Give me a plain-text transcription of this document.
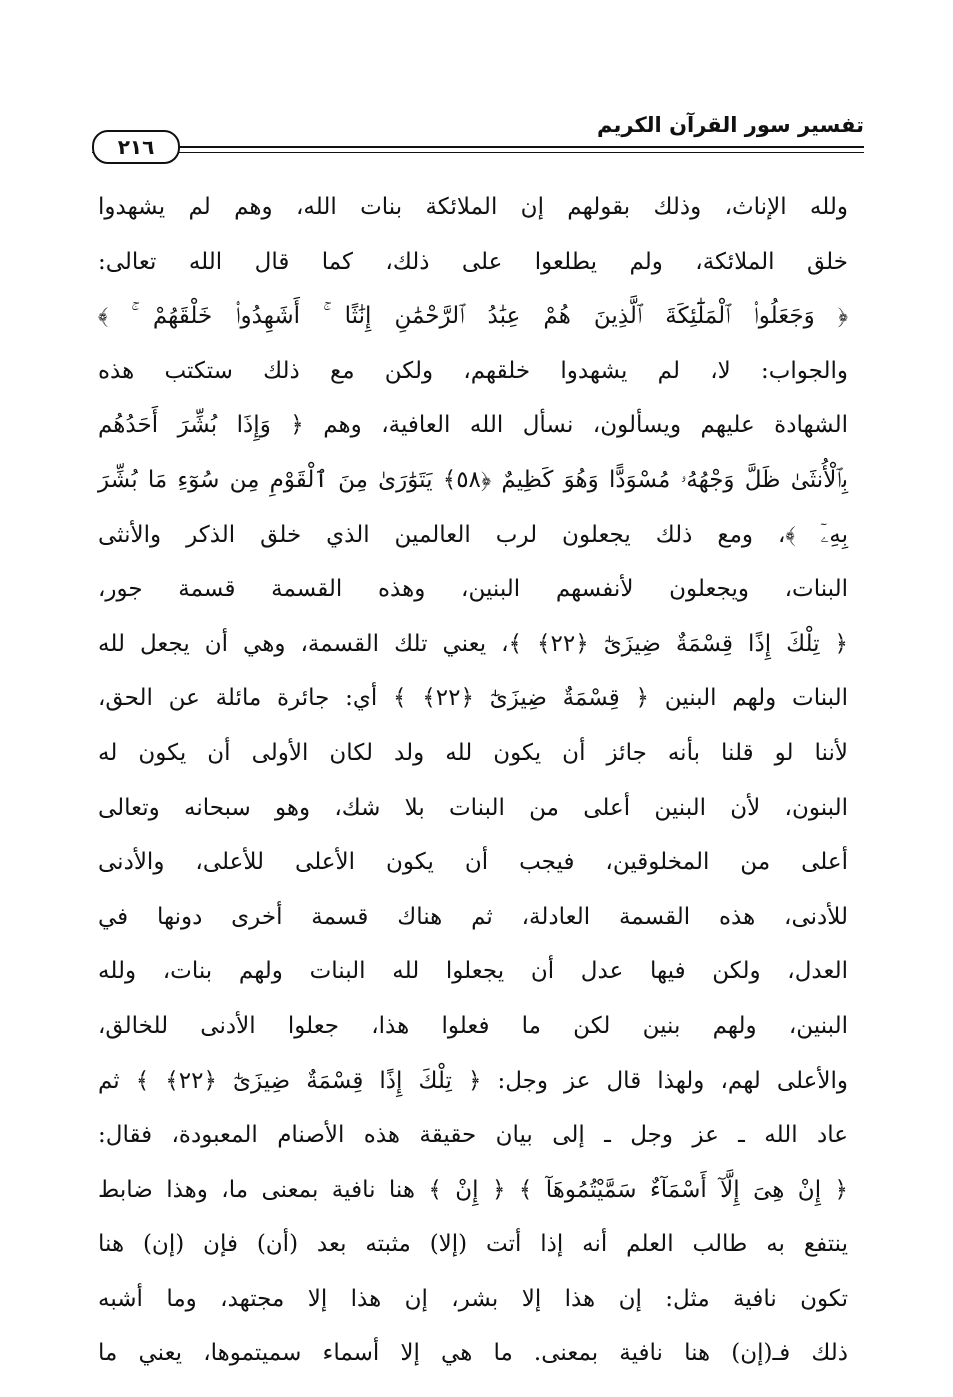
تفسير سور القرآن الكريم
٢١٦
ولله الإناث، وذلك بقولهم إن الملائكة بنات الله، وهم لم يشهدوا
خلق الملائكة، ولم يطلعوا على ذلك، كما قال الله تعالى:
﴿ وَجَعَلُوا۟ ٱلْمَلَٰٓئِكَةَ ٱلَّذِينَ هُمْ عِبَٰدُ ٱلرَّحْمَٰنِ إِنَٰثًا ۚ أَشَهِدُوا۟ خَلْقَهُمْ ۚ ﴾
والجواب: لا، لم يشهدوا خلقهم، ولكن مع ذلك ستكتب هذه
الشهادة عليهم ويسألون، نسأل الله العافية، وهم ﴿ وَإِذَا بُشِّرَ أَحَدُهُم
بِٱلْأُنثَىٰ ظَلَّ وَجْهُهُۥ مُسْوَدًّا وَهُوَ كَظِيمٌ ﴿٥٨﴾ يَتَوَٰرَىٰ مِنَ ٱلْقَوْمِ مِن سُوٓءِ مَا بُشِّرَ
بِهِۦٓ ﴾، ومع ذلك يجعلون لرب العالمين الذي خلق الذكر والأنثى
البنات، ويجعلون لأنفسهم البنين، وهذه القسمة قسمة جور،
﴿ تِلْكَ إِذًا قِسْمَةٌ ضِيزَىٰٓ ﴿٢٢﴾ ﴾، يعني تلك القسمة، وهي أن يجعل لله
البنات ولهم البنين ﴿ قِسْمَةٌ ضِيزَىٰٓ ﴿٢٢﴾ ﴾ أي: جائرة مائلة عن الحق،
لأننا لو قلنا بأنه جائز أن يكون لله ولد لكان الأولى أن يكون له
البنون، لأن البنين أعلى من البنات بلا شك، وهو سبحانه وتعالى
أعلى من المخلوقين، فيجب أن يكون الأعلى للأعلى، والأدنى
للأدنى، هذه القسمة العادلة، ثم هناك قسمة أخرى دونها في
العدل، ولكن فيها عدل أن يجعلوا لله البنات ولهم بنات، ولله
البنين، ولهم بنين لكن ما فعلوا هذا، جعلوا الأدنى للخالق،
والأعلى لهم، ولهذا قال عز وجل: ﴿ تِلْكَ إِذًا قِسْمَةٌ ضِيزَىٰٓ ﴿٢٢﴾ ﴾ ثم
عاد الله ـ عز وجل ـ إلى بيان حقيقة هذه الأصنام المعبودة، فقال:
﴿ إِنْ هِىَ إِلَّآ أَسْمَآءٌ سَمَّيْتُمُوهَآ ﴾ ﴿ إِنْ ﴾ هنا نافية بمعنى ما، وهذا ضابط
ينتفع به طالب العلم أنه إذا أتت (إلا) مثبته بعد (أن) فإن (إن) هنا
تكون نافية مثل: إن هذا إلا بشر، إن هذا إلا مجتهد، وما أشبه
ذلك فـ(إن) هنا نافية بمعنى. ما هي إلا أسماء سميتموها، يعني ما
